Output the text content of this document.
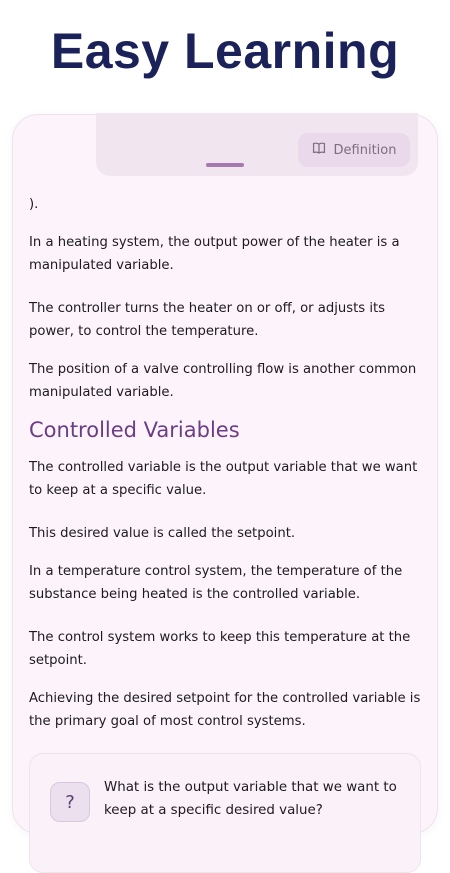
Easy Learning
Definition

).

In a heating system, the output power of the heater is a manipulated variable.

The controller turns the heater on or off, or adjusts its power, to control the temperature.

The position of a valve controlling flow is another common manipulated variable.

Controlled Variables

The controlled variable is the output variable that we want to keep at a specific value.

This desired value is called the setpoint.

In a temperature control system, the temperature of the substance being heated is the controlled variable.

The control system works to keep this temperature at the setpoint.

Achieving the desired setpoint for the controlled variable is the primary goal of most control systems.

?
What is the output variable that we want to keep at a specific desired value?
